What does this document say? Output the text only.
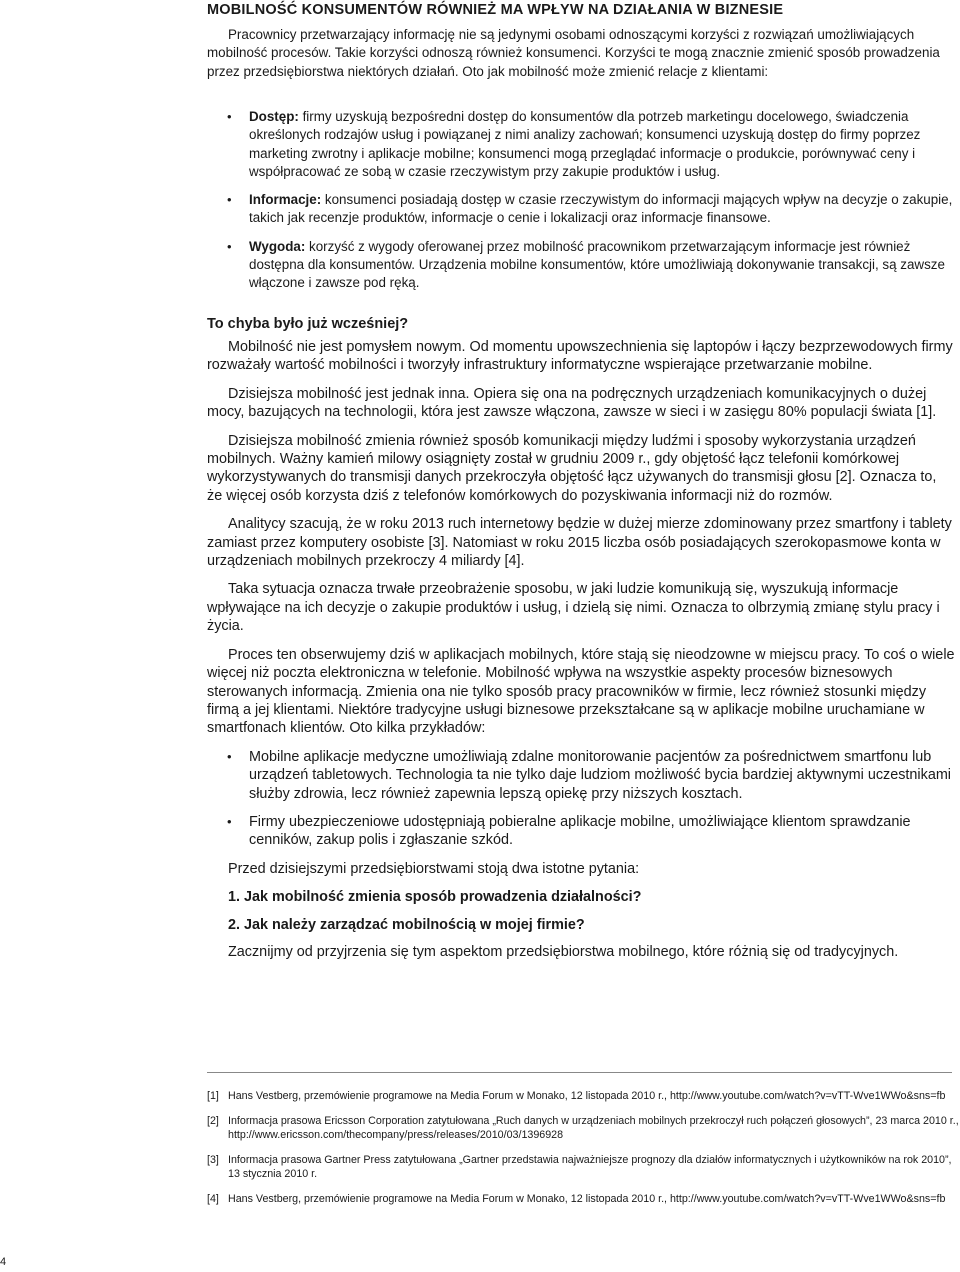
MOBILNOŚĆ KONSUMENTÓW RÓWNIEŻ MA WPŁYW NA DZIAŁANIA W BIZNESIE

Pracownicy przetwarzający informację nie są jedynymi osobami odnoszącymi korzyści z rozwiązań umożliwiających mobilność procesów. Takie korzyści odnoszą również konsumenci. Korzyści te mogą znacznie zmienić sposób prowadzenia przez przedsiębiorstwa niektórych działań. Oto jak mobilność może zmienić relacje z klientami:

• Dostęp: firmy uzyskują bezpośredni dostęp do konsumentów dla potrzeb marketingu docelowego, świadczenia określonych rodzajów usług i powiązanej z nimi analizy zachowań; konsumenci uzyskują dostęp do firmy poprzez marketing zwrotny i aplikacje mobilne; konsumenci mogą przeglądać informacje o produkcie, porównywać ceny i współpracować ze sobą w czasie rzeczywistym przy zakupie produktów i usług.
• Informacje: konsumenci posiadają dostęp w czasie rzeczywistym do informacji mających wpływ na decyzje o zakupie, takich jak recenzje produktów, informacje o cenie i lokalizacji oraz informacje finansowe.
• Wygoda: korzyść z wygody oferowanej przez mobilność pracownikom przetwarzającym informacje jest również dostępna dla konsumentów. Urządzenia mobilne konsumentów, które umożliwiają dokonywanie transakcji, są zawsze włączone i zawsze pod ręką.
To chyba było już wcześniej?

Mobilność nie jest pomysłem nowym. Od momentu upowszechnienia się laptopów i łączy bezprzewodowych firmy rozważały wartość mobilności i tworzyły infrastruktury informatyczne wspierające przetwarzanie mobilne.

Dzisiejsza mobilność jest jednak inna. Opiera się ona na podręcznych urządzeniach komunikacyjnych o dużej mocy, bazujących na technologii, która jest zawsze włączona, zawsze w sieci i w zasięgu 80% populacji świata [1].

Dzisiejsza mobilność zmienia również sposób komunikacji między ludźmi i sposoby wykorzystania urządzeń mobilnych. Ważny kamień milowy osiągnięty został w grudniu 2009 r., gdy objętość łącz telefonii komórkowej wykorzystywanych do transmisji danych przekroczyła objętość łącz używanych do transmisji głosu [2]. Oznacza to, że więcej osób korzysta dziś z telefonów komórkowych do pozyskiwania informacji niż do rozmów.

Analitycy szacują, że w roku 2013 ruch internetowy będzie w dużej mierze zdominowany przez smartfony i tablety zamiast przez komputery osobiste [3]. Natomiast w roku 2015 liczba osób posiadających szerokopasmowe konta w urządzeniach mobilnych przekroczy 4 miliardy [4].

Taka sytuacja oznacza trwałe przeobrażenie sposobu, w jaki ludzie komunikują się, wyszukują informacje wpływające na ich decyzje o zakupie produktów i usług, i dzielą się nimi. Oznacza to olbrzymią zmianę stylu pracy i życia.

Proces ten obserwujemy dziś w aplikacjach mobilnych, które stają się nieodzowne w miejscu pracy. To coś o wiele więcej niż poczta elektroniczna w telefonie. Mobilność wpływa na wszystkie aspekty procesów biznesowych sterowanych informacją. Zmienia ona nie tylko sposób pracy pracowników w firmie, lecz również stosunki między firmą a jej klientami. Niektóre tradycyjne usługi biznesowe przekształcane są w aplikacje mobilne uruchamiane w smartfonach klientów. Oto kilka przykładów:

• Mobilne aplikacje medyczne umożliwiają zdalne monitorowanie pacjentów za pośrednictwem smartfonu lub urządzeń tabletowych. Technologia ta nie tylko daje ludziom możliwość bycia bardziej aktywnymi uczestnikami służby zdrowia, lecz również zapewnia lepszą opiekę przy niższych kosztach.
• Firmy ubezpieczeniowe udostępniają pobieralne aplikacje mobilne, umożliwiające klientom sprawdzanie cenników, zakup polis i zgłaszanie szkód.

Przed dzisiejszymi przedsiębiorstwami stoją dwa istotne pytania:

1. Jak mobilność zmienia sposób prowadzenia działalności?
2. Jak należy zarządzać mobilnością w mojej firmie?

Zacznijmy od przyjrzenia się tym aspektom przedsiębiorstwa mobilnego, które różnią się od tradycyjnych.

[1] Hans Vestberg, przemówienie programowe na Media Forum w Monako, 12 listopada 2010 r., http://www.youtube.com/watch?v=vTT-Wve1WWo&sns=fb
[2] Informacja prasowa Ericsson Corporation zatytułowana „Ruch danych w urządzeniach mobilnych przekroczył ruch połączeń głosowych”, 23 marca 2010 r., http://www.ericsson.com/thecompany/press/releases/2010/03/1396928
[3] Informacja prasowa Gartner Press zatytułowana „Gartner przedstawia najważniejsze prognozy dla działów informatycznych i użytkowników na rok 2010”, 13 stycznia 2010 r.
[4] Hans Vestberg, przemówienie programowe na Media Forum w Monako, 12 listopada 2010 r., http://www.youtube.com/watch?v=vTT-Wve1WWo&sns=fb
4
